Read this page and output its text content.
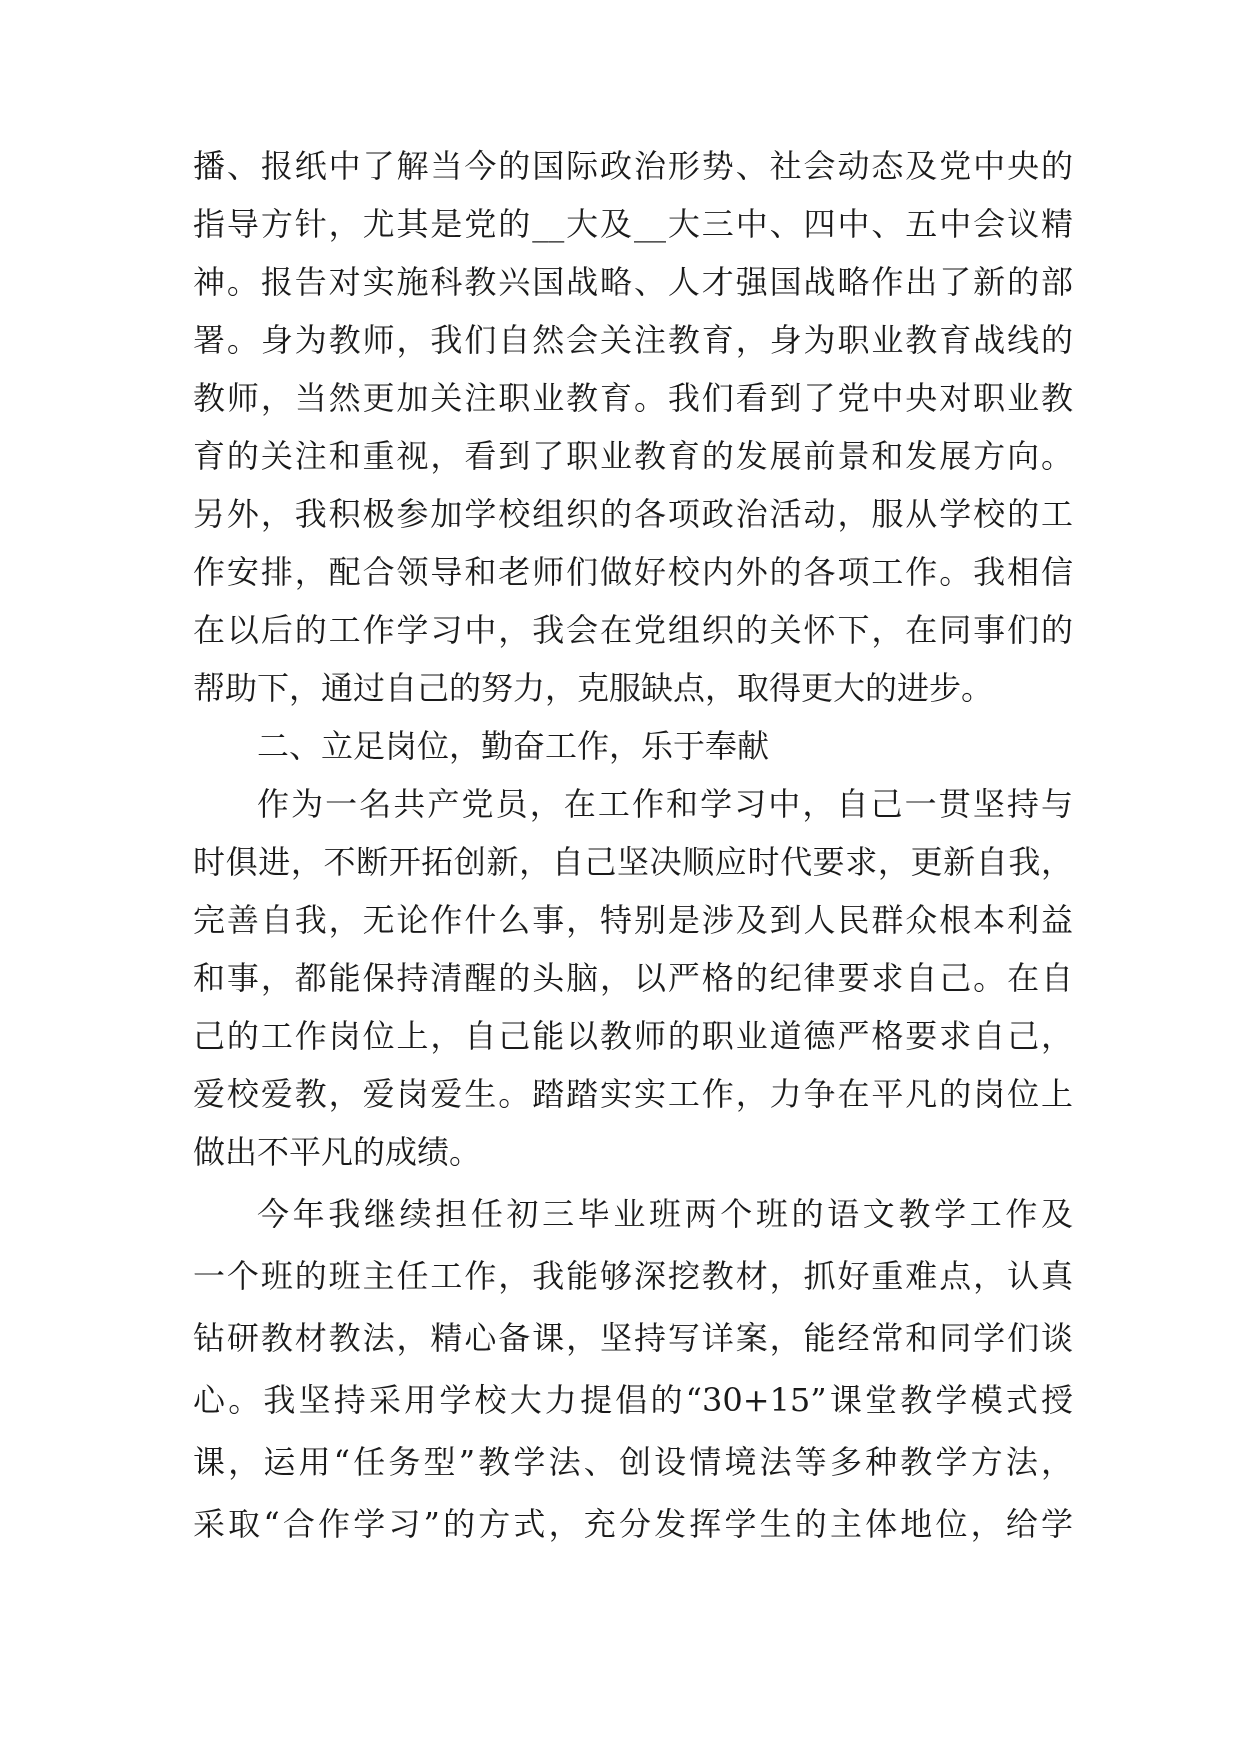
播、报纸中了解当今的国际政治形势、社会动态及党中央的
指导方针，尤其是党的__大及__大三中、四中、五中会议精
神。报告对实施科教兴国战略、人才强国战略作出了新的部
署。身为教师，我们自然会关注教育，身为职业教育战线的
教师，当然更加关注职业教育。我们看到了党中央对职业教
育的关注和重视，看到了职业教育的发展前景和发展方向。
另外，我积极参加学校组织的各项政治活动，服从学校的工
作安排，配合领导和老师们做好校内外的各项工作。我相信
在以后的工作学习中，我会在党组织的关怀下，在同事们的
帮助下，通过自己的努力，克服缺点，取得更大的进步。
二、立足岗位，勤奋工作，乐于奉献
作为一名共产党员，在工作和学习中，自己一贯坚持与
时俱进，不断开拓创新，自己坚决顺应时代要求，更新自我，
完善自我，无论作什么事，特别是涉及到人民群众根本利益
和事，都能保持清醒的头脑，以严格的纪律要求自己。在自
己的工作岗位上，自己能以教师的职业道德严格要求自己，
爱校爱教，爱岗爱生。踏踏实实工作，力争在平凡的岗位上
做出不平凡的成绩。
今年我继续担任初三毕业班两个班的语文教学工作及
一个班的班主任工作，我能够深挖教材，抓好重难点，认真
钻研教材教法，精心备课，坚持写详案，能经常和同学们谈
心。我坚持采用学校大力提倡的“30+15”课堂教学模式授
课，运用“任务型”教学法、创设情境法等多种教学方法，
采取“合作学习”的方式，充分发挥学生的主体地位，给学
